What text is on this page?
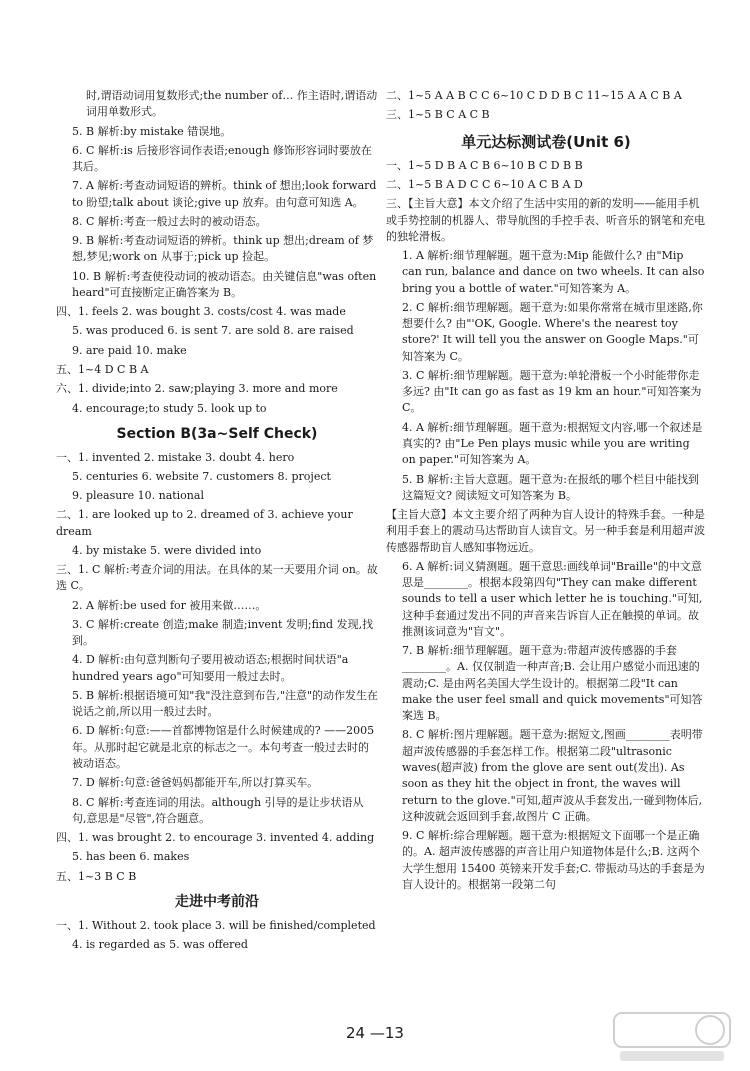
时,谓语动词用复数形式;the number of… 作主语时,谓语动词用单数形式。
5. B 解析:by mistake 错误地。
6. C 解析:is 后接形容词作表语;enough 修饰形容词时要放在其后。
7. A 解析:考查动词短语的辨析。think of 想出;look forward to 盼望;talk about 谈论;give up 放弃。由句意可知选 A。
8. C 解析:考查一般过去时的被动语态。
9. B 解析:考查动词短语的辨析。think up 想出;dream of 梦想,梦见;work on 从事于;pick up 捡起。
10. B 解析:考查使役动词的被动语态。由关键信息"was often heard"可直接断定正确答案为 B。
四、1. feels 2. was bought 3. costs/cost 4. was made
5. was produced 6. is sent 7. are sold 8. are raised
9. are paid 10. make
五、1~4 D C B A
六、1. divide;into 2. saw;playing 3. more and more
4. encourage;to study 5. look up to
Section B(3a~Self Check)
一、1. invented 2. mistake 3. doubt 4. hero
5. centuries 6. website 7. customers 8. project
9. pleasure 10. national
二、1. are looked up to 2. dreamed of 3. achieve your dream
4. by mistake 5. were divided into
三、1. C 解析:考查介词的用法。在具体的某一天要用介词 on。故选 C。
2. A 解析:be used for 被用来做……。
3. C 解析:create 创造;make 制造;invent 发明;find 发现,找到。
4. D 解析:由句意判断句子要用被动语态;根据时间状语"a hundred years ago"可知要用一般过去时。
5. B 解析:根据语境可知"我"没注意到布告,"注意"的动作发生在说话之前,所以用一般过去时。
6. D 解析:句意:——首都博物馆是什么时候建成的? ——2005 年。从那时起它就是北京的标志之一。本句考查一般过去时的被动语态。
7. D 解析:句意:爸爸妈妈都能开车,所以打算买车。
8. C 解析:考查连词的用法。although 引导的是让步状语从句,意思是"尽管",符合题意。
四、1. was brought 2. to encourage 3. invented 4. adding
5. has been 6. makes
五、1~3 B C B
走进中考前沿
一、1. Without 2. took place 3. will be finished/completed
4. is regarded as 5. was offered
二、1~5 A A B C C 6~10 C D D B C 11~15 A A C B A
三、1~5 B C A C B
单元达标测试卷(Unit 6)
一、1~5 D B A C B 6~10 B C D B B
二、1~5 B A D C C 6~10 A C B A D
三、【主旨大意】本文介绍了生活中实用的新的发明——能用手机或手势控制的机器人、带导航图的手控手表、听音乐的钢笔和充电的独轮滑板。
1. A 解析:细节理解题。题干意为:Mip 能做什么? 由"Mip can run, balance and dance on two wheels. It can also bring you a bottle of water."可知答案为 A。
2. C 解析:细节理解题。题干意为:如果你常常在城市里迷路,你想要什么? 由"'OK, Google. Where's the nearest toy store?' It will tell you the answer on Google Maps."可知答案为 C。
3. C 解析:细节理解题。题干意为:单轮滑板一个小时能带你走多远? 由"It can go as fast as 19 km an hour."可知答案为 C。
4. A 解析:细节理解题。题干意为:根据短文内容,哪一个叙述是真实的? 由"Le Pen plays music while you are writing on paper."可知答案为 A。
5. B 解析:主旨大意题。题干意为:在报纸的哪个栏目中能找到这篇短文? 阅读短文可知答案为 B。
【主旨大意】本文主要介绍了两种为盲人设计的特殊手套。一种是利用手套上的震动马达帮助盲人读盲文。另一种手套是利用超声波传感器帮助盲人感知事物远近。
6. A 解析:词义猜测题。题干意思:画线单词"Braille"的中文意思是________。根据本段第四句"They can make different sounds to tell a user which letter he is touching."可知,这种手套通过发出不同的声音来告诉盲人正在触摸的单词。故推测该词意为"盲文"。
7. B 解析:细节理解题。题干意为:带超声波传感器的手套________。A. 仅仅制造一种声音;B. 会让用户感觉小而迅速的震动;C. 是由两名美国大学生设计的。根据第二段"It can make the user feel small and quick movements"可知答案选 B。
8. C 解析:图片理解题。题干意为:据短文,图画________表明带超声波传感器的手套怎样工作。根据第二段"ultrasonic waves(超声波) from the glove are sent out(发出). As soon as they hit the object in front, the waves will return to the glove."可知,超声波从手套发出,一碰到物体后,这种波就会返回到手套,故图片 C 正确。
9. C 解析:综合理解题。题干意为:根据短文下面哪一个是正确的。A. 超声波传感器的声音让用户知道物体是什么;B. 这两个大学生想用 15400 英镑来开发手套;C. 带振动马达的手套是为盲人设计的。根据第一段第二句
24 —13
